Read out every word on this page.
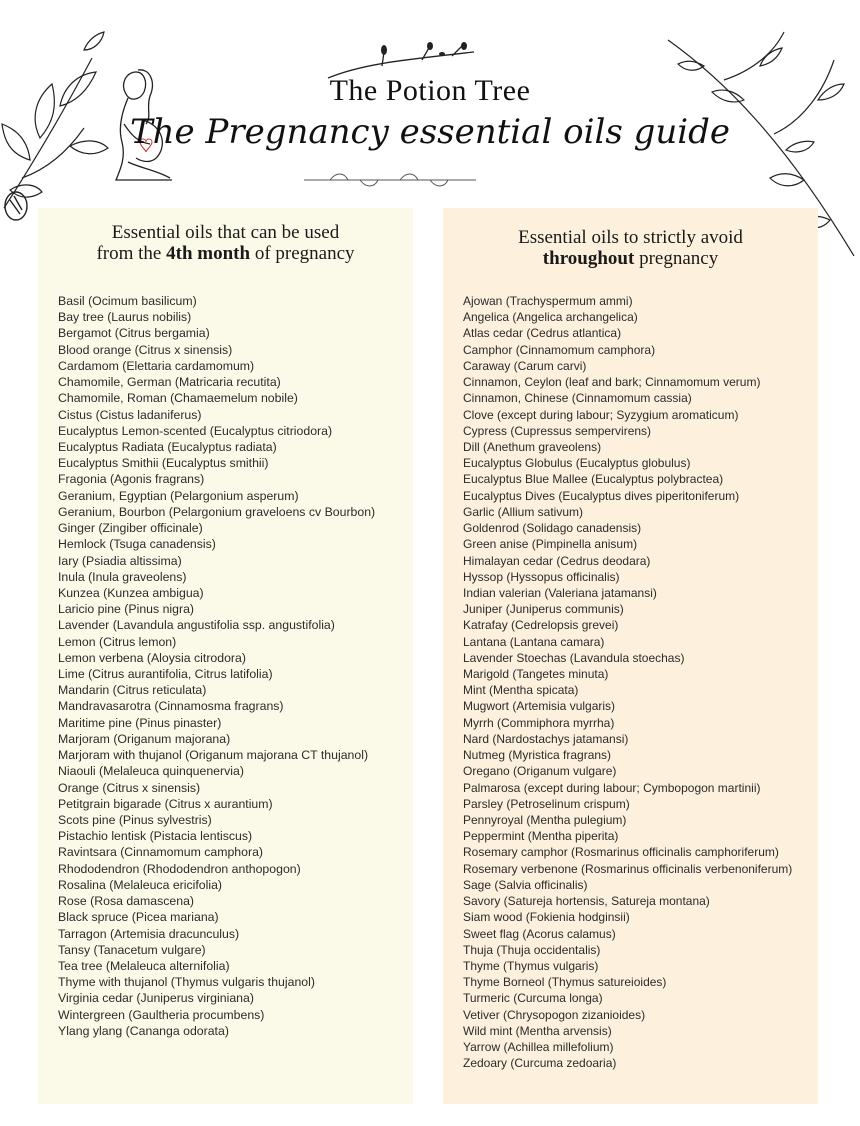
The Potion Tree
The Pregnancy essential oils guide
Essential oils that can be used
from the 4th month of pregnancy
Basil (Ocimum basilicum)
Bay tree (Laurus nobilis)
Bergamot (Citrus bergamia)
Blood orange (Citrus x sinensis)
Cardamom (Elettaria cardamomum)
Chamomile, German (Matricaria recutita)
Chamomile, Roman (Chamaemelum nobile)
Cistus (Cistus ladaniferus)
Eucalyptus Lemon-scented (Eucalyptus citriodora)
Eucalyptus Radiata (Eucalyptus radiata)
Eucalyptus Smithii (Eucalyptus smithii)
Fragonia (Agonis fragrans)
Geranium, Egyptian (Pelargonium asperum)
Geranium, Bourbon (Pelargonium graveloens cv Bourbon)
Ginger (Zingiber officinale)
Hemlock (Tsuga canadensis)
Iary (Psiadia altissima)
Inula (Inula graveolens)
Kunzea (Kunzea ambigua)
Laricio pine (Pinus nigra)
Lavender (Lavandula angustifolia ssp. angustifolia)
Lemon (Citrus lemon)
Lemon verbena (Aloysia citrodora)
Lime (Citrus aurantifolia, Citrus latifolia)
Mandarin (Citrus reticulata)
Mandravasarotra (Cinnamosma fragrans)
Maritime pine (Pinus pinaster)
Marjoram (Origanum majorana)
Marjoram with thujanol (Origanum majorana CT thujanol)
Niaouli (Melaleuca quinquenervia)
Orange (Citrus x sinensis)
Petitgrain bigarade (Citrus x aurantium)
Scots pine (Pinus sylvestris)
Pistachio lentisk (Pistacia lentiscus)
Ravintsara (Cinnamomum camphora)
Rhododendron (Rhododendron anthopogon)
Rosalina (Melaleuca ericifolia)
Rose (Rosa damascena)
Black spruce (Picea mariana)
Tarragon (Artemisia dracunculus)
Tansy (Tanacetum vulgare)
Tea tree (Melaleuca alternifolia)
Thyme with thujanol (Thymus vulgaris thujanol)
Virginia cedar (Juniperus virginiana)
Wintergreen (Gaultheria procumbens)
Ylang ylang (Cananga odorata)
Essential oils to strictly avoid
throughout pregnancy
Ajowan (Trachyspermum ammi)
Angelica (Angelica archangelica)
Atlas cedar (Cedrus atlantica)
Camphor (Cinnamomum camphora)
Caraway (Carum carvi)
Cinnamon, Ceylon (leaf and bark; Cinnamomum verum)
Cinnamon, Chinese (Cinnamomum cassia)
Clove (except during labour; Syzygium aromaticum)
Cypress (Cupressus sempervirens)
Dill (Anethum graveolens)
Eucalyptus Globulus (Eucalyptus globulus)
Eucalyptus Blue Mallee (Eucalyptus polybractea)
Eucalyptus Dives (Eucalyptus dives piperitoniferum)
Garlic (Allium sativum)
Goldenrod (Solidago canadensis)
Green anise (Pimpinella anisum)
Himalayan cedar (Cedrus deodara)
Hyssop (Hyssopus officinalis)
Indian valerian (Valeriana jatamansi)
Juniper (Juniperus communis)
Katrafay (Cedrelopsis grevei)
Lantana (Lantana camara)
Lavender Stoechas (Lavandula stoechas)
Marigold (Tangetes minuta)
Mint (Mentha spicata)
Mugwort (Artemisia vulgaris)
Myrrh (Commiphora myrrha)
Nard (Nardostachys jatamansi)
Nutmeg (Myristica fragrans)
Oregano (Origanum vulgare)
Palmarosa (except during labour; Cymbopogon martinii)
Parsley (Petroselinum crispum)
Pennyroyal (Mentha pulegium)
Peppermint (Mentha piperita)
Rosemary camphor (Rosmarinus officinalis camphoriferum)
Rosemary verbenone (Rosmarinus officinalis verbenoniferum)
Sage (Salvia officinalis)
Savory (Satureja hortensis, Satureja montana)
Siam wood (Fokienia hodginsii)
Sweet flag (Acorus calamus)
Thuja (Thuja occidentalis)
Thyme (Thymus vulgaris)
Thyme Borneol (Thymus satureioides)
Turmeric (Curcuma longa)
Vetiver (Chrysopogon zizanioides)
Wild mint (Mentha arvensis)
Yarrow (Achillea millefolium)
Zedoary (Curcuma zedoaria)
